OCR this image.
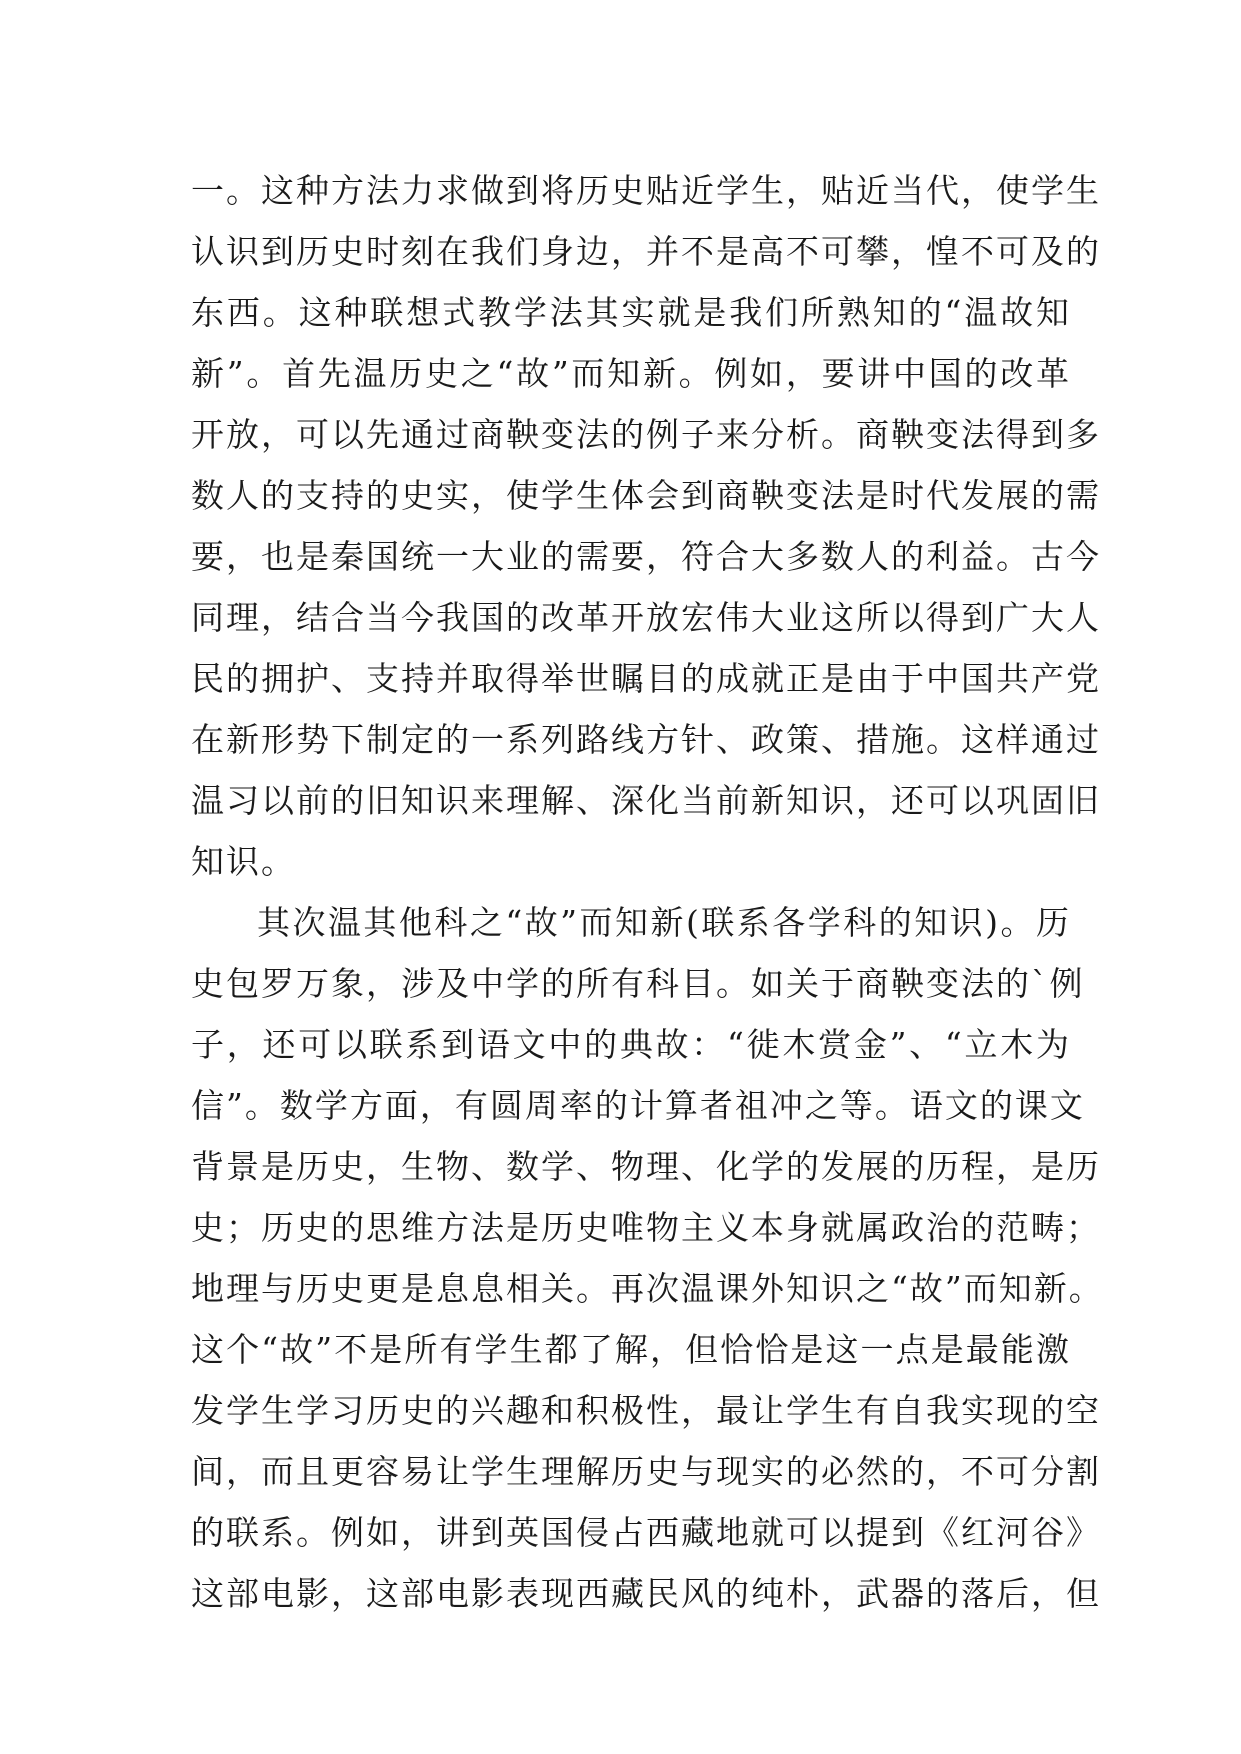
一。这种方法力求做到将历史贴近学生，贴近当代，使学生
认识到历史时刻在我们身边，并不是高不可攀，惶不可及的
东西。这种联想式教学法其实就是我们所熟知的“温故知
新”。首先温历史之“故”而知新。例如，要讲中国的改革
开放，可以先通过商鞅变法的例子来分析。商鞅变法得到多
数人的支持的史实，使学生体会到商鞅变法是时代发展的需
要，也是秦国统一大业的需要，符合大多数人的利益。古今
同理，结合当今我国的改革开放宏伟大业这所以得到广大人
民的拥护、支持并取得举世瞩目的成就正是由于中国共产党
在新形势下制定的一系列路线方针、政策、措施。这样通过
温习以前的旧知识来理解、深化当前新知识，还可以巩固旧
知识。
其次温其他科之“故”而知新(联系各学科的知识)。历
史包罗万象，涉及中学的所有科目。如关于商鞅变法的`例
子，还可以联系到语文中的典故：“徙木赏金”、“立木为
信”。数学方面，有圆周率的计算者祖冲之等。语文的课文
背景是历史，生物、数学、物理、化学的发展的历程，是历
史；历史的思维方法是历史唯物主义本身就属政治的范畴；
地理与历史更是息息相关。再次温课外知识之“故”而知新。
这个“故”不是所有学生都了解，但恰恰是这一点是最能激
发学生学习历史的兴趣和积极性，最让学生有自我实现的空
间，而且更容易让学生理解历史与现实的必然的，不可分割
的联系。例如，讲到英国侵占西藏地就可以提到《红河谷》
这部电影，这部电影表现西藏民风的纯朴，武器的落后，但
